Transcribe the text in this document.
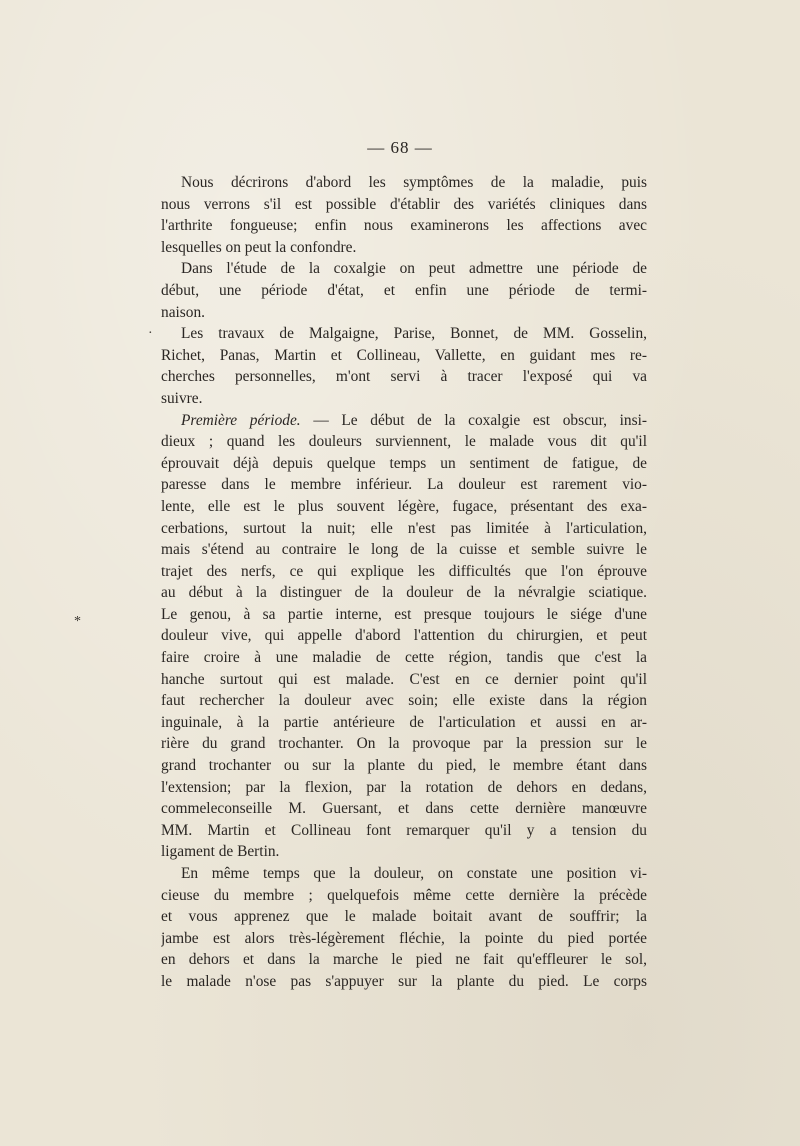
— 68 —
Nous décrirons d'abord les symptômes de la maladie, puis
nous verrons s'il est possible d'établir des variétés cliniques dans
l'arthrite fongueuse; enfin nous examinerons les affections avec
lesquelles on peut la confondre.
Dans l'étude de la coxalgie on peut admettre une période de
début, une période d'état, et enfin une période de termi-
naison.
Les travaux de Malgaigne, Parise, Bonnet, de MM. Gosselin,
Richet, Panas, Martin et Collineau, Vallette, en guidant mes re-
cherches personnelles, m'ont servi à tracer l'exposé qui va
suivre.
Première période. — Le début de la coxalgie est obscur, insi-
dieux ; quand les douleurs surviennent, le malade vous dit qu'il
éprouvait déjà depuis quelque temps un sentiment de fatigue, de
paresse dans le membre inférieur. La douleur est rarement vio-
lente, elle est le plus souvent légère, fugace, présentant des exa-
cerbations, surtout la nuit; elle n'est pas limitée à l'articulation,
mais s'étend au contraire le long de la cuisse et semble suivre le
trajet des nerfs, ce qui explique les difficultés que l'on éprouve
au début à la distinguer de la douleur de la névralgie sciatique.
Le genou, à sa partie interne, est presque toujours le siége d'une
douleur vive, qui appelle d'abord l'attention du chirurgien, et peut
faire croire à une maladie de cette région, tandis que c'est la
hanche surtout qui est malade. C'est en ce dernier point qu'il
faut rechercher la douleur avec soin; elle existe dans la région
inguinale, à la partie antérieure de l'articulation et aussi en ar-
rière du grand trochanter. On la provoque par la pression sur le
grand trochanter ou sur la plante du pied, le membre étant dans
l'extension; par la flexion, par la rotation de dehors en dedans,
commeleconseille M. Guersant, et dans cette dernière manœuvre
MM. Martin et Collineau font remarquer qu'il y a tension du
ligament de Bertin.
En même temps que la douleur, on constate une position vi-
cieuse du membre ; quelquefois même cette dernière la précède
et vous apprenez que le malade boitait avant de souffrir; la
jambe est alors très-légèrement fléchie, la pointe du pied portée
en dehors et dans la marche le pied ne fait qu'effleurer le sol,
le malade n'ose pas s'appuyer sur la plante du pied. Le corps
·
*
